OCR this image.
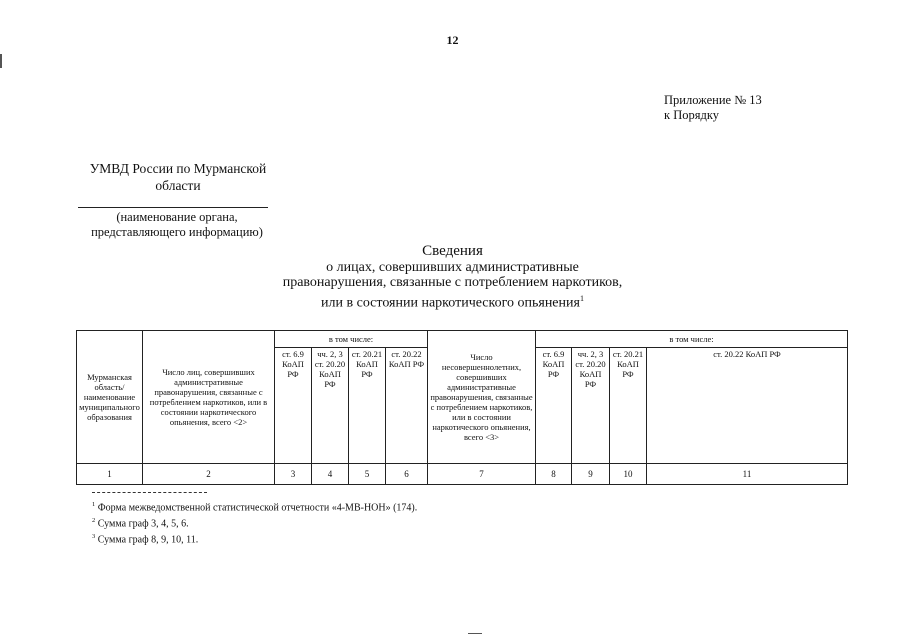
12
Приложение № 13
к Порядку
УМВД России по Мурманской
области
(наименование органа,
представляющего информацию)
Сведения
о лицах, совершивших административные
правонарушения, связанные с потреблением наркотиков,
или в состоянии наркотического опьянения$^1$
Мурманская область/наименование муниципального образования	Число лиц, совершивших административные правонарушения, связанные с потреблением наркотиков, или в состоянии наркотического опьянения, всего <2>	в том числе:				Число несовершеннолетних, совершивших административные правонарушения, связанные с потреблением наркотиков, или в состоянии наркотического опьянения, всего <3>	в том числе:			
		ст. 6.9 КоАП РФ	чч. 2, 3 ст. 20.20 КоАП РФ	ст. 20.21 КоАП РФ	ст. 20.22 КоАП РФ		ст. 6.9 КоАП РФ	чч. 2, 3 ст. 20.20 КоАП РФ	ст. 20.21 КоАП РФ	ст. 20.22 КоАП РФ
1	2	3	4	5	6	7	8	9	10	11
$^1$ Форма межведомственной статистической отчетности «4-МВ-НОН» (174).
$^2$ Сумма граф 3, 4, 5, 6.
$^3$ Сумма граф 8, 9, 10, 11.
